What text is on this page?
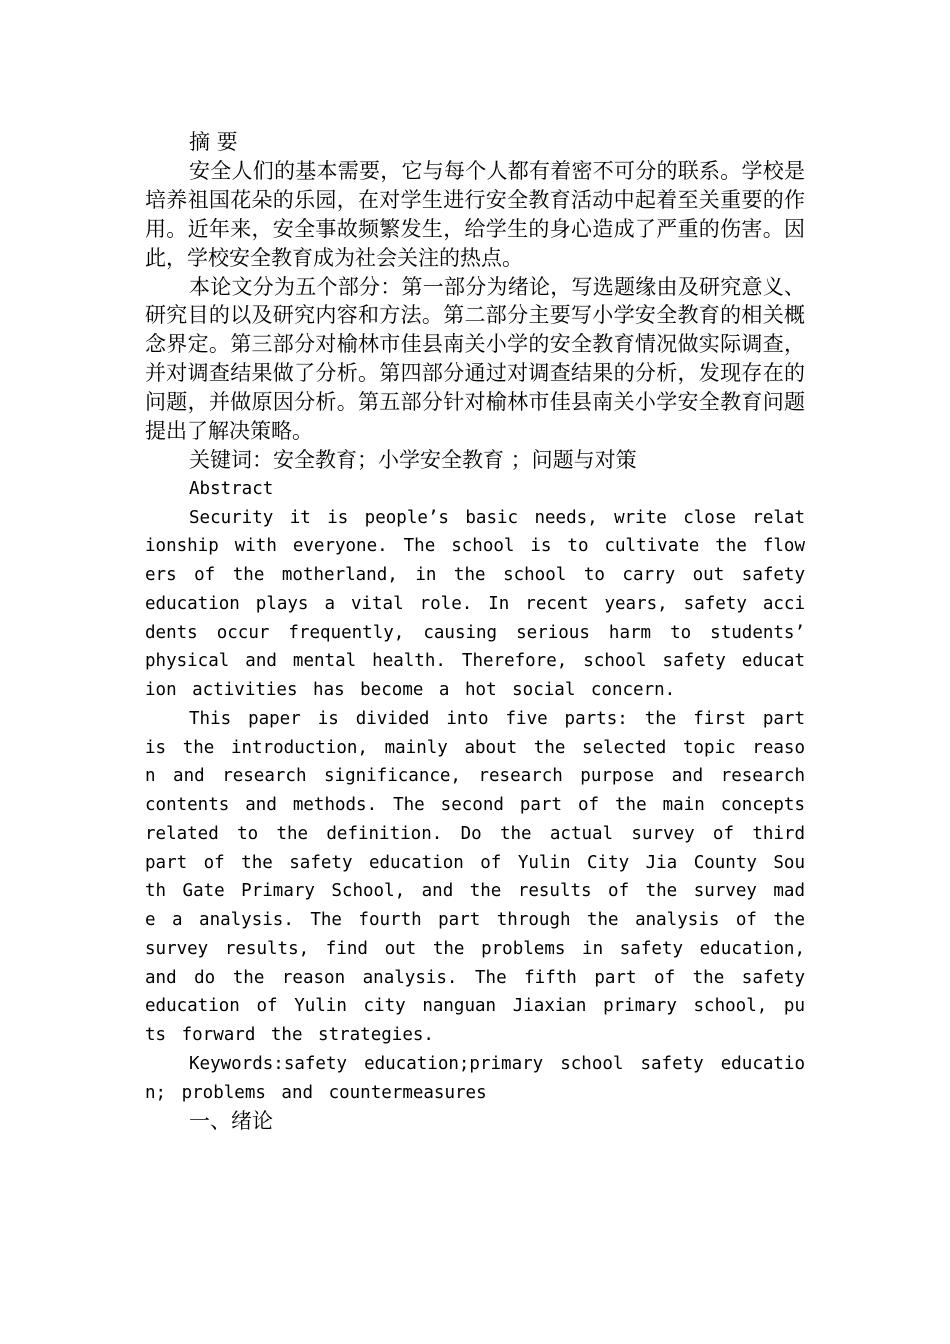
摘 要

安全人们的基本需要，它与每个人都有着密不可分的联系。学校是培养祖国花朵的乐园，在对学生进行安全教育活动中起着至关重要的作用。近年来，安全事故频繁发生，给学生的身心造成了严重的伤害。因此，学校安全教育成为社会关注的热点。

本论文分为五个部分：第一部分为绪论，写选题缘由及研究意义、研究目的以及研究内容和方法。第二部分主要写小学安全教育的相关概念界定。第三部分对榆林市佳县南关小学的安全教育情况做实际调查，并对调查结果做了分析。第四部分通过对调查结果的分析，发现存在的问题，并做原因分析。第五部分针对榆林市佳县南关小学安全教育问题提出了解决策略。

关键词：安全教育；小学安全教育 ；问题与对策

Abstract

Security it is people’s basic needs, write close relationship with everyone. The school is to cultivate the flowers of the motherland, in the school to carry out safety education plays a vital role. In recent years, safety accidents occur frequently, causing serious harm to students’ physical and mental health. Therefore, school safety education activities has become a hot social concern.

This paper is divided into five parts: the first part is the introduction, mainly about the selected topic reason and research significance, research purpose and research contents and methods. The second part of the main concepts related to the definition. Do the actual survey of third part of the safety education of Yulin City Jia County South Gate Primary School, and the results of the survey made a analysis. The fourth part through the analysis of the survey results, find out the problems in safety education, and do the reason analysis. The fifth part of the safety education of Yulin city nanguan Jiaxian primary school, puts forward the strategies.

Keywords:safety education;primary school safety education; problems and countermeasures

一、绪论
